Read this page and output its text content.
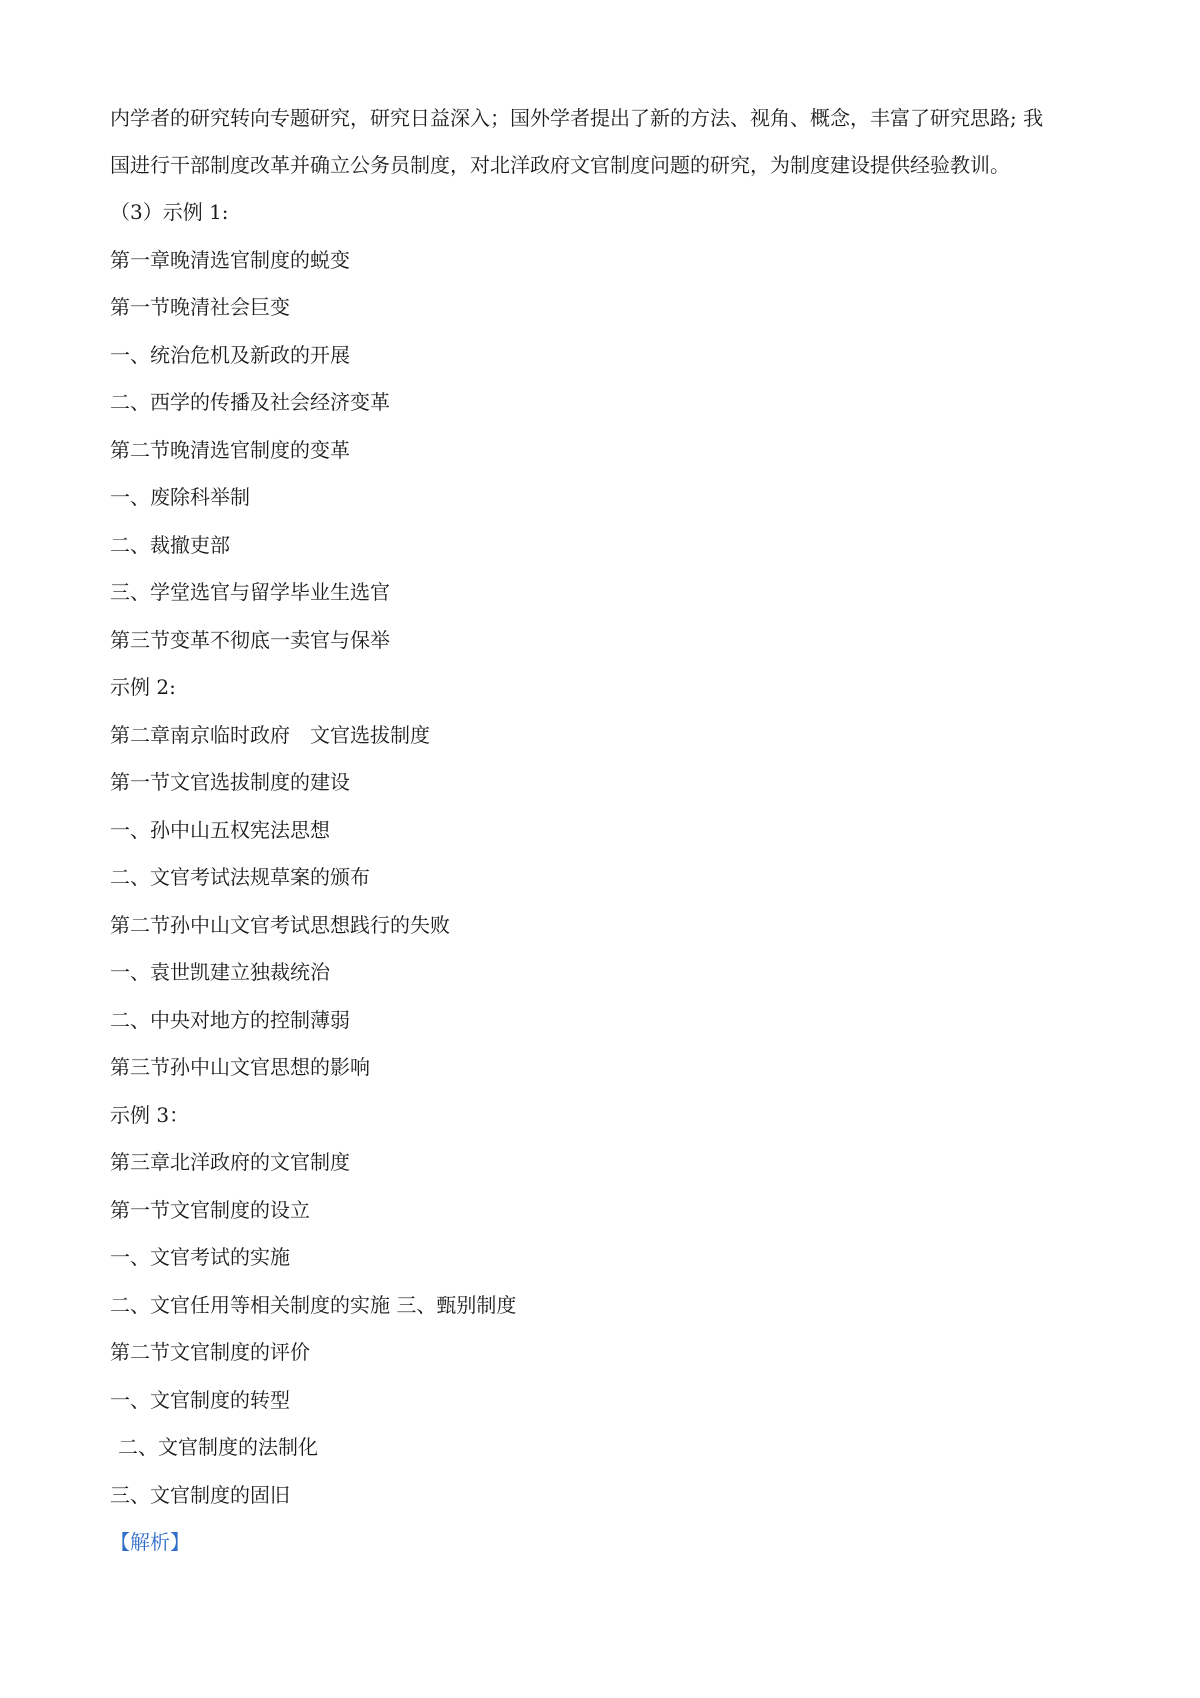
内学者的研究转向专题研究，研究日益深入；国外学者提出了新的方法、视角、概念，丰富了研究思路; 我

国进行干部制度改革并确立公务员制度，对北洋政府文官制度问题的研究，为制度建设提供经验教训。

（3）示例 1:

第一章晚清选官制度的蜕变

第一节晚清社会巨变

一、统治危机及新政的开展

二、西学的传播及社会经济变革

第二节晚清选官制度的变革

一、废除科举制

二、裁撤吏部

三、学堂选官与留学毕业生选官

第三节变革不彻底一卖官与保举

示例 2:

第二章南京临时政府　文官选拔制度

第一节文官选拔制度的建设

一、孙中山五权宪法思想

二、文官考试法规草案的颁布

第二节孙中山文官考试思想践行的失败

一、袁世凯建立独裁统治

二、中央对地方的控制薄弱

第三节孙中山文官思想的影响

示例 3：

第三章北洋政府的文官制度

第一节文官制度的设立

一、文官考试的实施

二、文官任用等相关制度的实施 三、甄别制度

第二节文官制度的评价

一、文官制度的转型

二、文官制度的法制化

三、文官制度的固旧

【解析】
